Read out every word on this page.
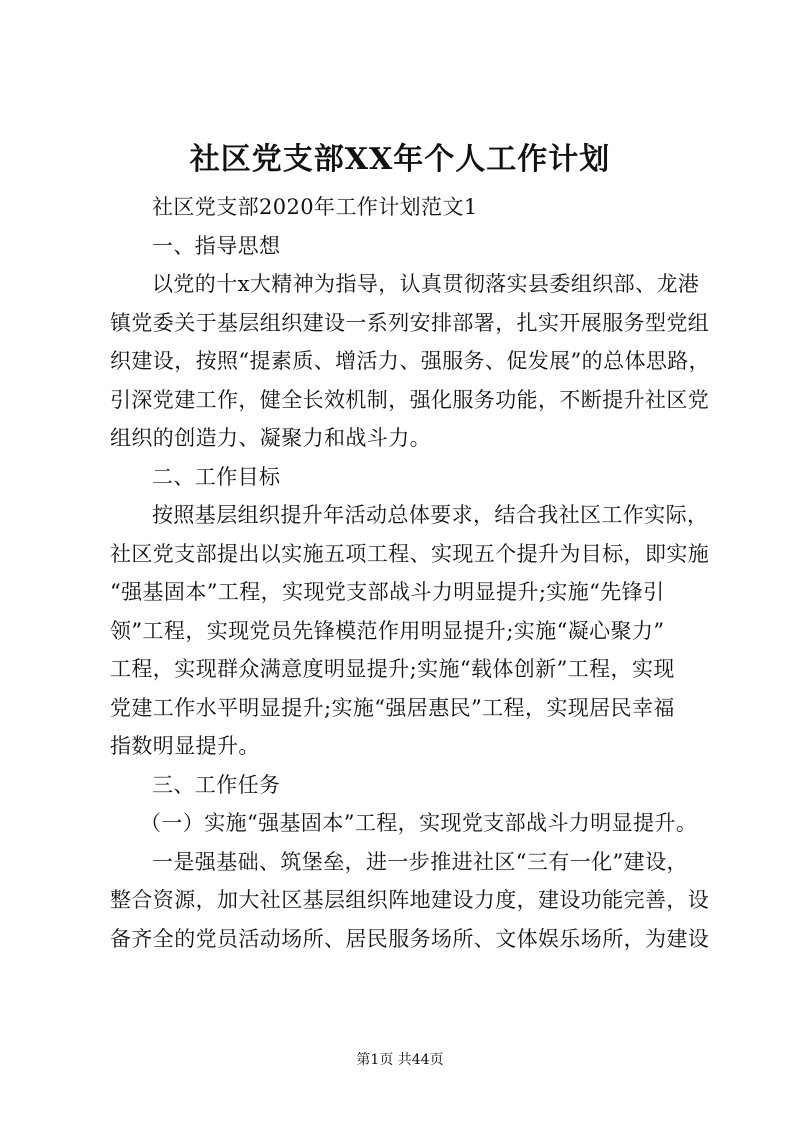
社区党支部XX年个人工作计划
社区党支部2020年工作计划范文1
一、指导思想
以党的十x大精神为指导，认真贯彻落实县委组织部、龙港
镇党委关于基层组织建设一系列安排部署，扎实开展服务型党组
织建设，按照“提素质、增活力、强服务、促发展”的总体思路，
引深党建工作，健全长效机制，强化服务功能，不断提升社区党
组织的创造力、凝聚力和战斗力。
二、工作目标
按照基层组织提升年活动总体要求，结合我社区工作实际，
社区党支部提出以实施五项工程、实现五个提升为目标，即实施
“强基固本”工程，实现党支部战斗力明显提升;实施“先锋引
领”工程，实现党员先锋模范作用明显提升;实施“凝心聚力”
工程，实现群众满意度明显提升;实施“载体创新”工程，实现
党建工作水平明显提升;实施“强居惠民”工程，实现居民幸福
指数明显提升。
三、工作任务
（一）实施“强基固本”工程，实现党支部战斗力明显提升。
一是强基础、筑堡垒，进一步推进社区“三有一化”建设，
整合资源，加大社区基层组织阵地建设力度，建设功能完善，设
备齐全的党员活动场所、居民服务场所、文体娱乐场所，为建设
第1页 共44页
